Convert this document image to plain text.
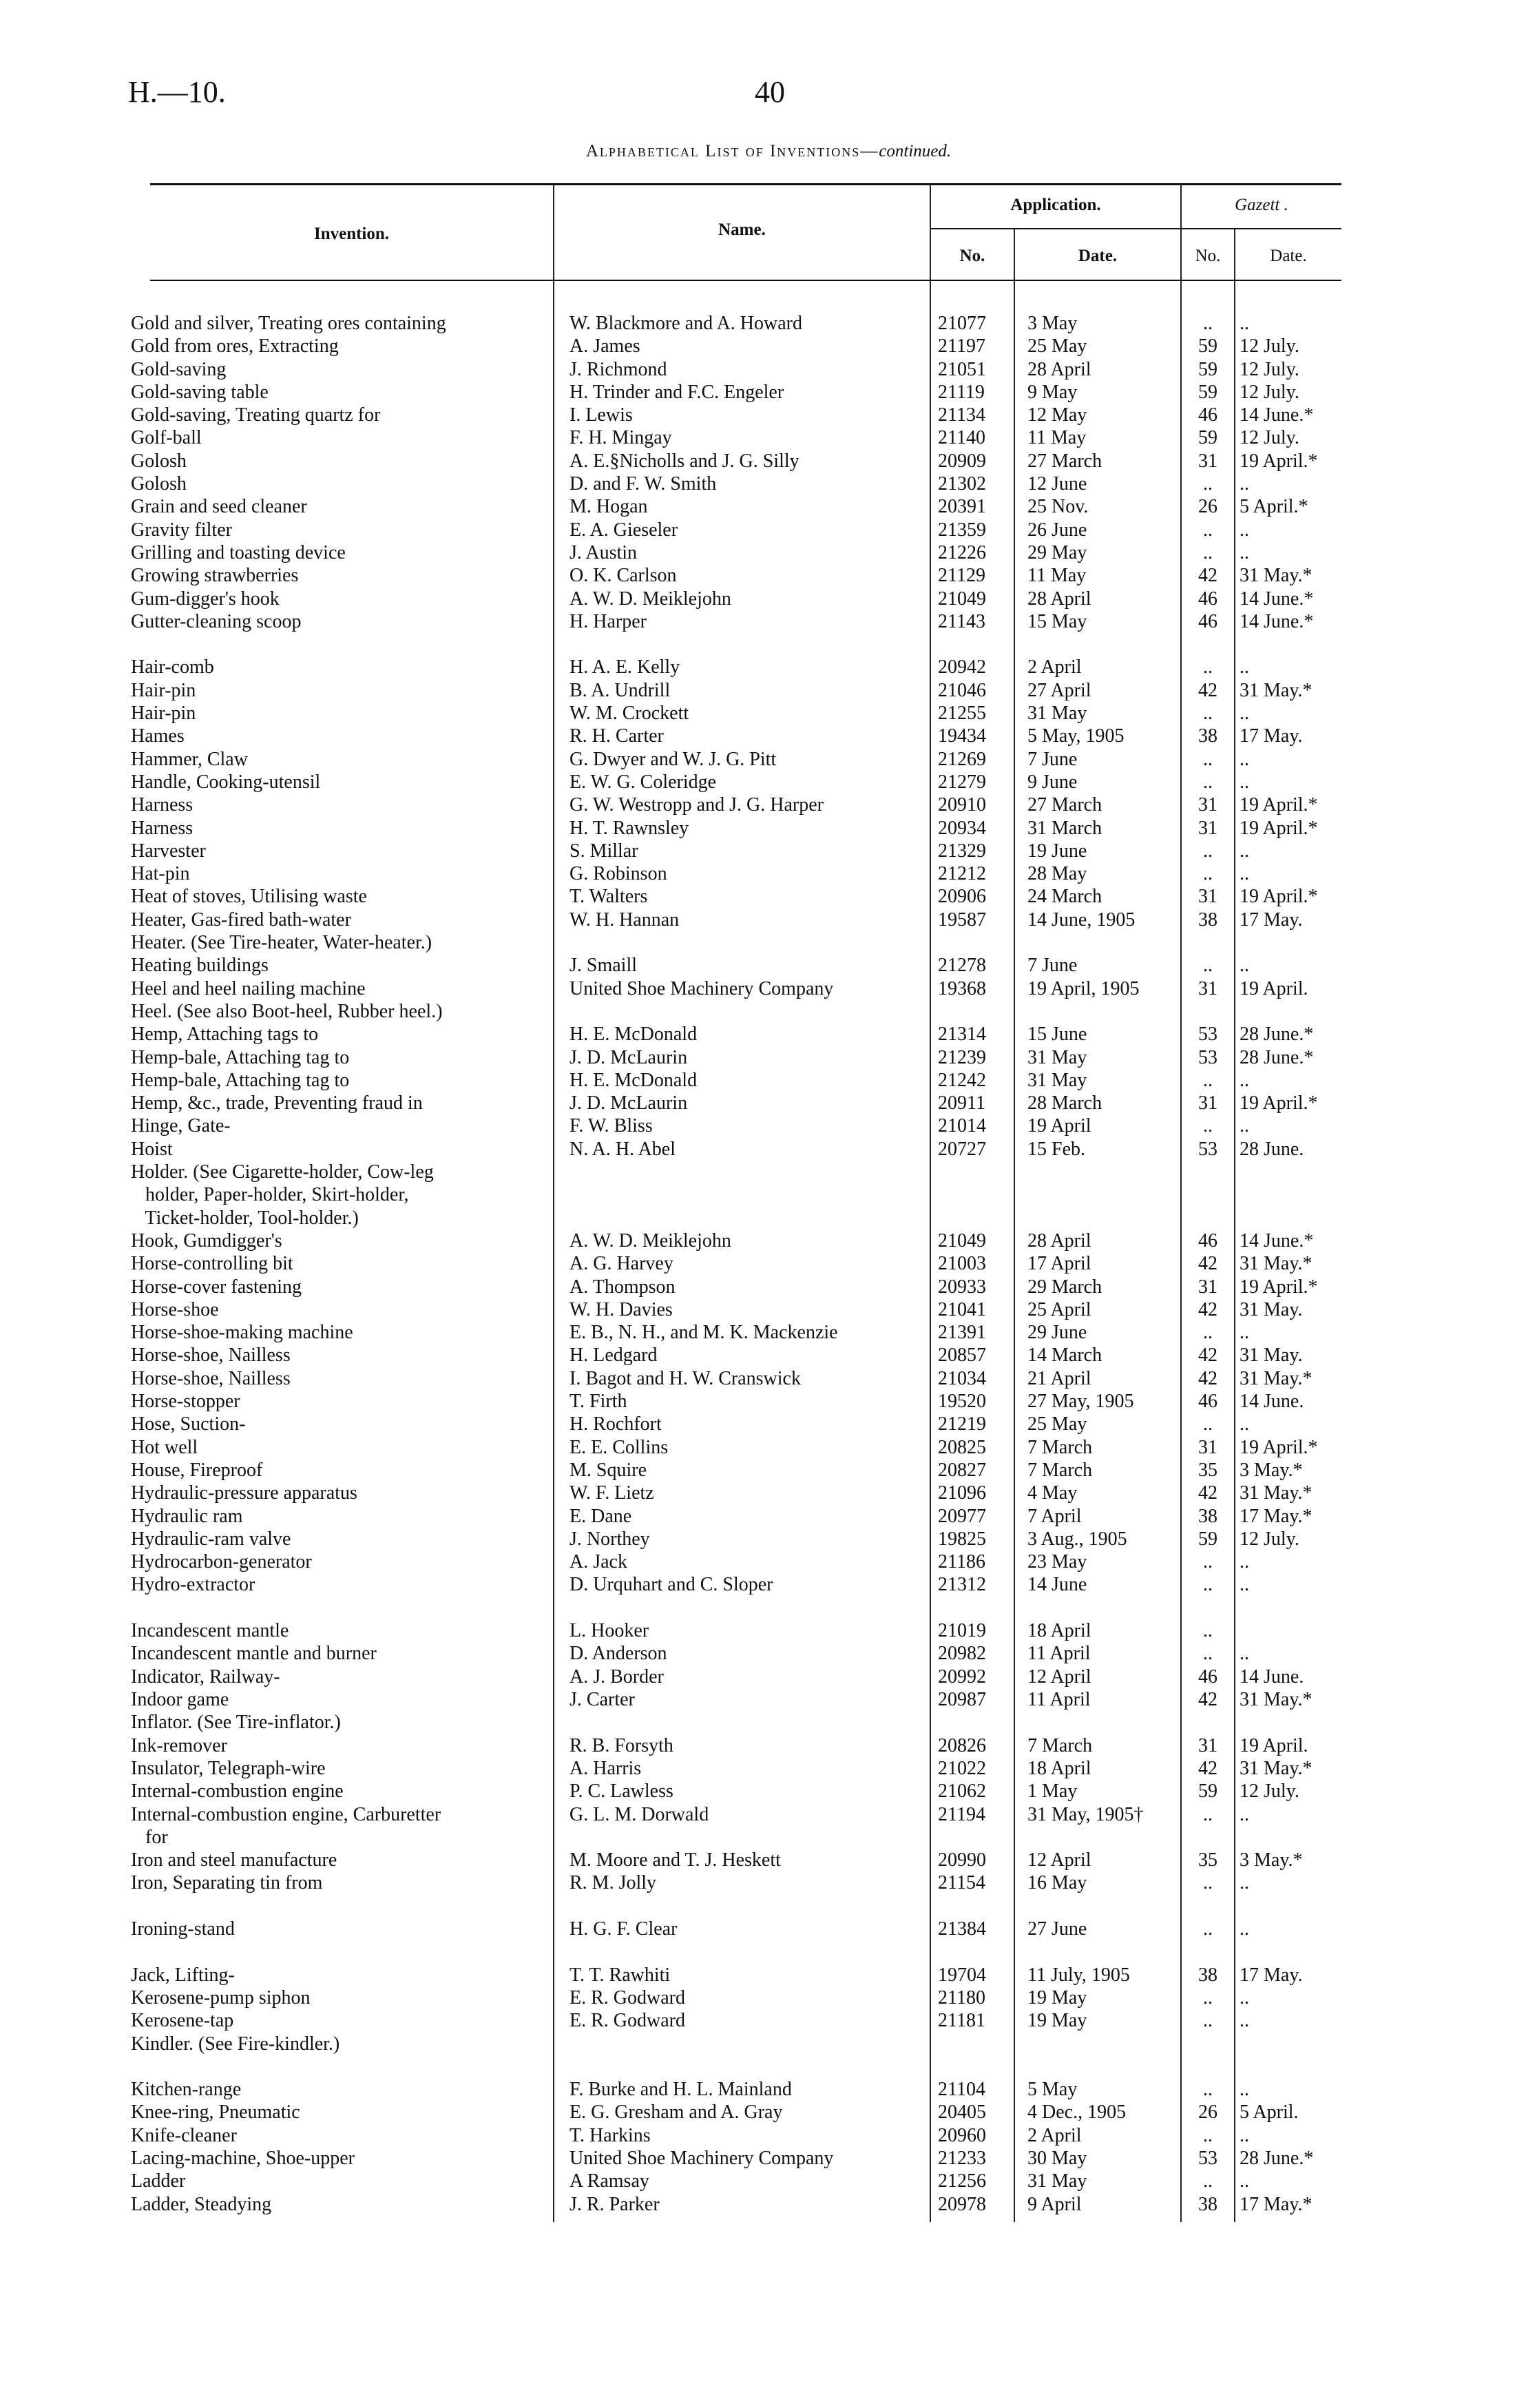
H.—10.	40
Alphabetical List of Inventions—continued.
Invention.	Name.
Application.	Gazett .
No.	Date.	No.	Date.
Gold and silver, Treating ores containing	W. Blackmore and A. Howard	21077	3 May	..	..
Gold from ores, Extracting	A. James	21197	25 May	59	12 July.
Gold-saving	J. Richmond	21051	28 April	59	12 July.
Gold-saving table	H. Trinder and F.C. Engeler	21119	9 May	59	12 July.
Gold-saving, Treating quartz for	I. Lewis	21134	12 May	46	14 June.*
Golf-ball	F. H. Mingay	21140	11 May	59	12 July.
Golosh	A. E.§Nicholls and J. G. Silly	20909	27 March	31	19 April.*
Golosh	D. and F. W. Smith	21302	12 June	..	..
Grain and seed cleaner	M. Hogan	20391	25 Nov.	26	5 April.*
Gravity filter	E. A. Gieseler	21359	26 June	..	..
Grilling and toasting device	J. Austin	21226	29 May	..	..
Growing strawberries	O. K. Carlson	21129	11 May	42	31 May.*
Gum-digger's hook	A. W. D. Meiklejohn	21049	28 April	46	14 June.*
Gutter-cleaning scoop	H. Harper	21143	15 May	46	14 June.*
Hair-comb	H. A. E. Kelly	20942	2 April	..	..
Hair-pin	B. A. Undrill	21046	27 April	42	31 May.*
Hair-pin	W. M. Crockett	21255	31 May	..	..
Hames	R. H. Carter	19434	5 May, 1905	38	17 May.
Hammer, Claw	G. Dwyer and W. J. G. Pitt	21269	7 June	..	..
Handle, Cooking-utensil	E. W. G. Coleridge	21279	9 June	..	..
Harness	G. W. Westropp and J. G. Harper	20910	27 March	31	19 April.*
Harness	H. T. Rawnsley	20934	31 March	31	19 April.*
Harvester	S. Millar	21329	19 June	..	..
Hat-pin	G. Robinson	21212	28 May	..	..
Heat of stoves, Utilising waste	T. Walters	20906	24 March	31	19 April.*
Heater, Gas-fired bath-water	W. H. Hannan	19587	14 June, 1905	38	17 May.
Heater. (See Tire-heater, Water-heater.)
Heating buildings	J. Smaill	21278	7 June	..	..
Heel and heel nailing machine	United Shoe Machinery Company	19368	19 April, 1905	31	19 April.
Heel. (See also Boot-heel, Rubber heel.)
Hemp, Attaching tags to	H. E. McDonald	21314	15 June	53	28 June.*
Hemp-bale, Attaching tag to	J. D. McLaurin	21239	31 May	53	28 June.*
Hemp-bale, Attaching tag to	H. E. McDonald	21242	31 May	..	..
Hemp, &c., trade, Preventing fraud in	J. D. McLaurin	20911	28 March	31	19 April.*
Hinge, Gate-	F. W. Bliss	21014	19 April	..	..
Hoist	N. A. H. Abel	20727	15 Feb.	53	28 June.
Holder. (See Cigarette-holder, Cow-leg
holder, Paper-holder, Skirt-holder,
Ticket-holder, Tool-holder.)
Hook, Gumdigger's	A. W. D. Meiklejohn	21049	28 April	46	14 June.*
Horse-controlling bit	A. G. Harvey	21003	17 April	42	31 May.*
Horse-cover fastening	A. Thompson	20933	29 March	31	19 April.*
Horse-shoe	W. H. Davies	21041	25 April	42	31 May.
Horse-shoe-making machine	E. B., N. H., and M. K. Mackenzie	21391	29 June	..	..
Horse-shoe, Nailless	H. Ledgard	20857	14 March	42	31 May.
Horse-shoe, Nailless	I. Bagot and H. W. Cranswick	21034	21 April	42	31 May.*
Horse-stopper	T. Firth	19520	27 May, 1905	46	14 June.
Hose, Suction-	H. Rochfort	21219	25 May	..	..
Hot well	E. E. Collins	20825	7 March	31	19 April.*
House, Fireproof	M. Squire	20827	7 March	35	3 May.*
Hydraulic-pressure apparatus	W. F. Lietz	21096	4 May	42	31 May.*
Hydraulic ram	E. Dane	20977	7 April	38	17 May.*
Hydraulic-ram valve	J. Northey	19825	3 Aug., 1905	59	12 July.
Hydrocarbon-generator	A. Jack	21186	23 May	..	..
Hydro-extractor	D. Urquhart and C. Sloper	21312	14 June	..	..
Incandescent mantle	L. Hooker	21019	18 April	..
Incandescent mantle and burner	D. Anderson	20982	11 April	..	..
Indicator, Railway-	A. J. Border	20992	12 April	46	14 June.
Indoor game	J. Carter	20987	11 April	42	31 May.*
Inflator. (See Tire-inflator.)
Ink-remover	R. B. Forsyth	20826	7 March	31	19 April.
Insulator, Telegraph-wire	A. Harris	21022	18 April	42	31 May.*
Internal-combustion engine	P. C. Lawless	21062	1 May	59	12 July.
Internal-combustion engine, Carburetter	G. L. M. Dorwald	21194	31 May, 1905†	..	..
for
Iron and steel manufacture	M. Moore and T. J. Heskett	20990	12 April	35	3 May.*
Iron, Separating tin from	R. M. Jolly	21154	16 May	..	..
Ironing-stand	H. G. F. Clear	21384	27 June	..	..
Jack, Lifting-	T. T. Rawhiti	19704	11 July, 1905	38	17 May.
Kerosene-pump siphon	E. R. Godward	21180	19 May	..	..
Kerosene-tap	E. R. Godward	21181	19 May	..	..
Kindler. (See Fire-kindler.)
Kitchen-range	F. Burke and H. L. Mainland	21104	5 May	..	..
Knee-ring, Pneumatic	E. G. Gresham and A. Gray	20405	4 Dec., 1905	26	5 April.
Knife-cleaner	T. Harkins	20960	2 April	..	..
Lacing-machine, Shoe-upper	United Shoe Machinery Company	21233	30 May	53	28 June.*
Ladder	A Ramsay	21256	31 May	..	..
Ladder, Steadying	J. R. Parker	20978	9 April	38	17 May.*
